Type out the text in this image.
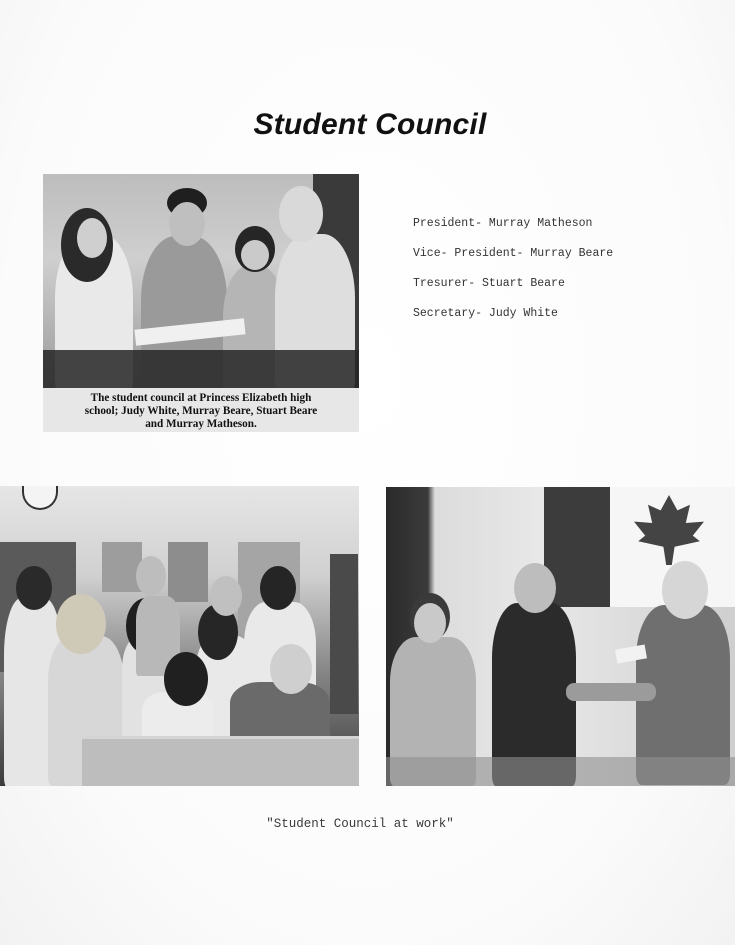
Student Council
The student council at Princess Elizabeth high
school; Judy White, Murray Beare, Stuart Beare
and Murray Matheson.
President- Murray Matheson
Vice- President- Murray Beare
Tresurer- Stuart Beare
Secretary- Judy White
"Student Council at work"
